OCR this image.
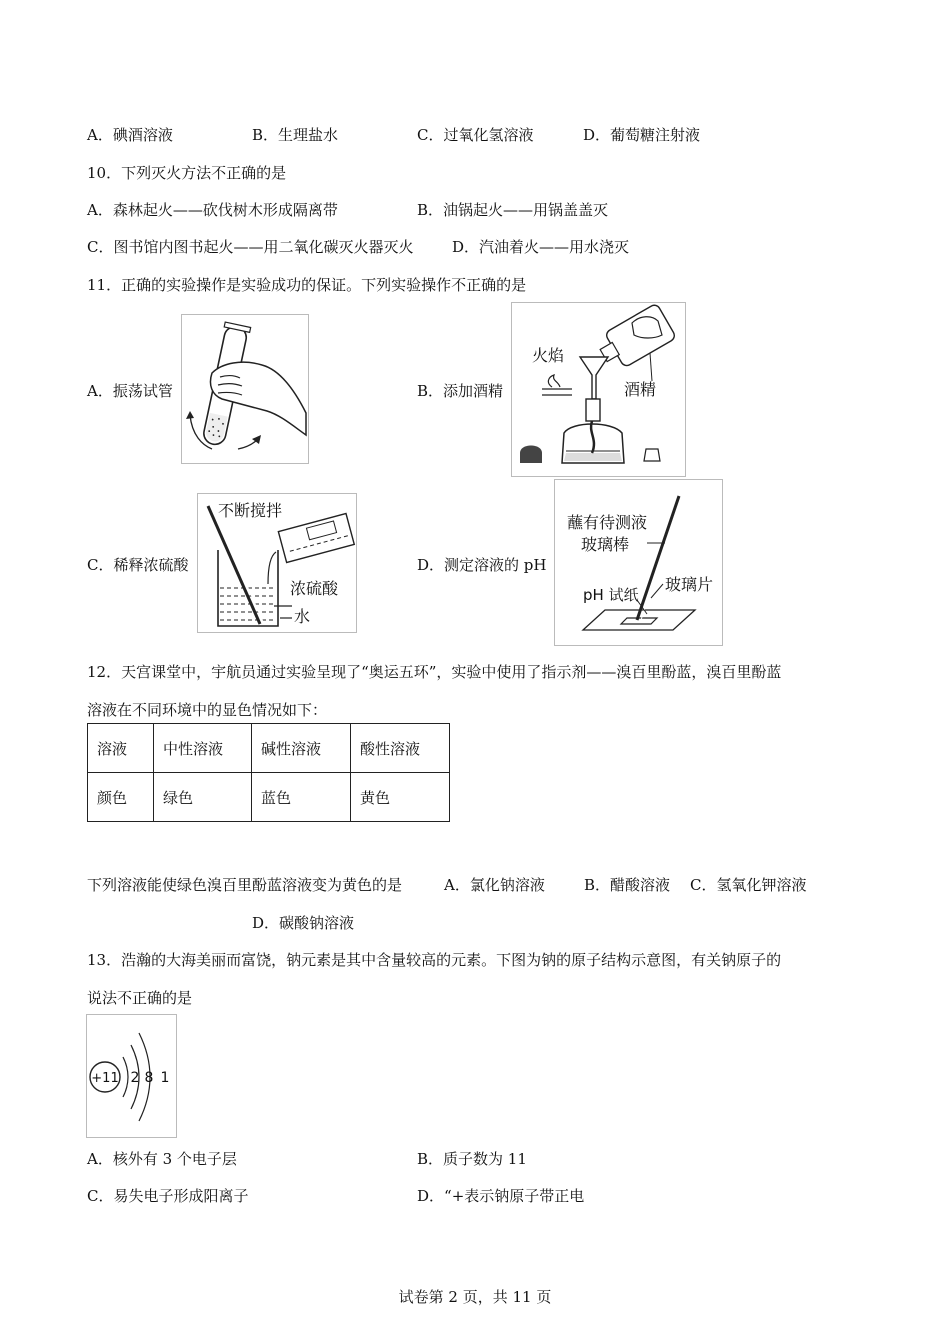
A．碘酒溶液	B．生理盐水	C．过氧化氢溶液	D．葡萄糖注射液
10．下列灭火方法不正确的是
A．森林起火——砍伐树木形成隔离带	B．油锅起火——用锅盖盖灭
C．图书馆内图书起火——用二氧化碳灭火器灭火	D．汽油着火——用水浇灭
11．正确的实验操作是实验成功的保证。下列实验操作不正确的是
A．振荡试管	B．添加酒精
火焰
酒精
C．稀释浓硫酸
不断搅拌
浓硫酸
水
D．测定溶液的 pH
蘸有待测液
玻璃棒
pH 试纸
玻璃片
12．天宫课堂中，宇航员通过实验呈现了“奥运五环”，实验中使用了指示剂——溴百里酚蓝，溴百里酚蓝
溶液在不同环境中的显色情况如下：
溶液	中性溶液	碱性溶液	酸性溶液
颜色	绿色	蓝色	黄色
下列溶液能使绿色溴百里酚蓝溶液变为黄色的是	A．氯化钠溶液	B．醋酸溶液 C．氢氧化钾溶液
D．碳酸钠溶液
13．浩瀚的大海美丽而富饶，钠元素是其中含量较高的元素。下图为钠的原子结构示意图，有关钠原子的
说法不正确的是
+11 2 8 1
A．核外有 3 个电子层	B．质子数为 11
C．易失电子形成阳离子	D．“+表示钠原子带正电
试卷第 2 页，共 11 页
